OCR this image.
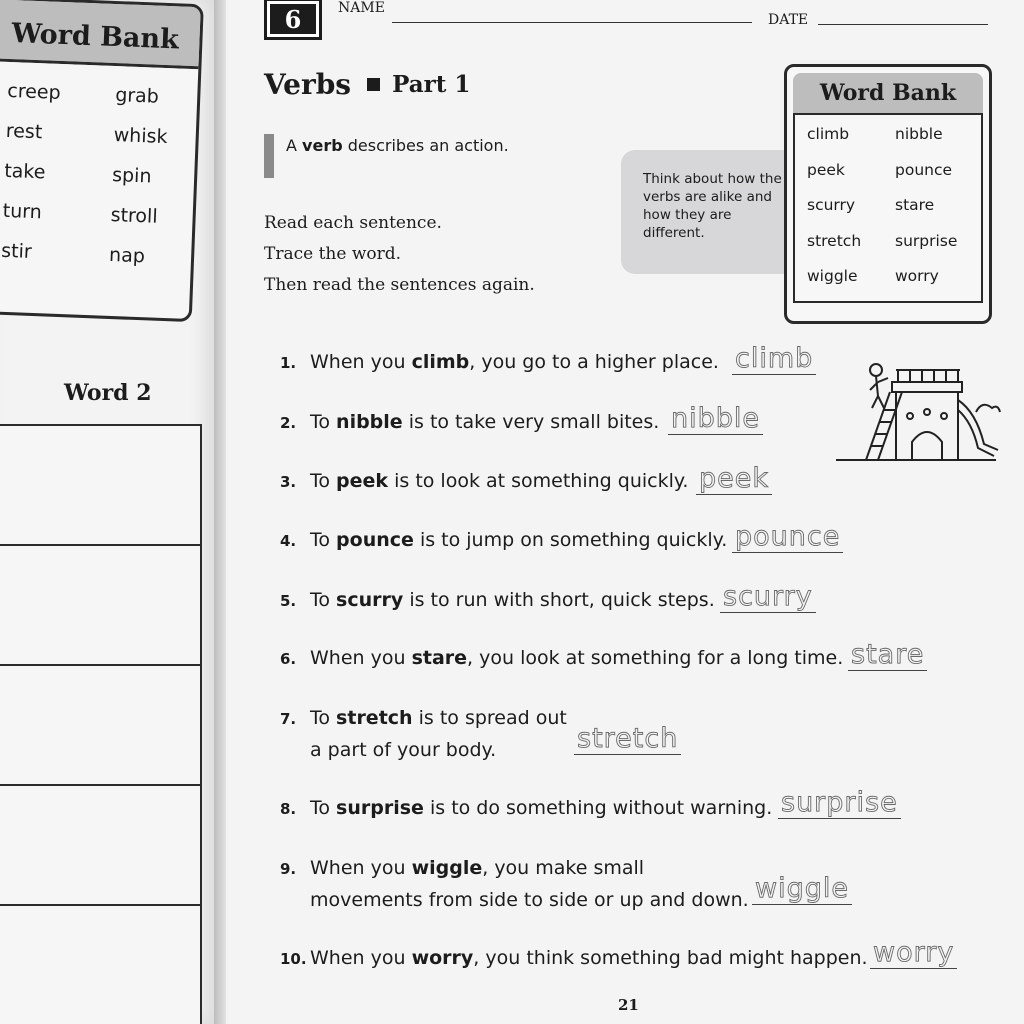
Word Bank
creep	grab
rest	whisk
take	spin
turn	stroll
stir	nap
Word 2
6	NAME
DATE
Verbs Part 1
A verb describes an action.
Read each sentence.
Trace the word.
Then read the sentences again.
Think about how the verbs are alike and how they are different.
Word Bank
climb	nibble
peek	pounce
scurry	stare
stretch	surprise
wiggle	worry
1. When you climb, you go to a higher place. climb
2. To nibble is to take very small bites. nibble
3. To peek is to look at something quickly. peek
4. To pounce is to jump on something quickly. pounce
5. To scurry is to run with short, quick steps. scurry
6. When you stare, you look at something for a long time. stare
7. To stretch is to spread out
a part of your body.	stretch
8. To surprise is to do something without warning. surprise
9. When you wiggle, you make small
movements from side to side or up and down. wiggle
10. When you worry, you think something bad might happen. worry
21
